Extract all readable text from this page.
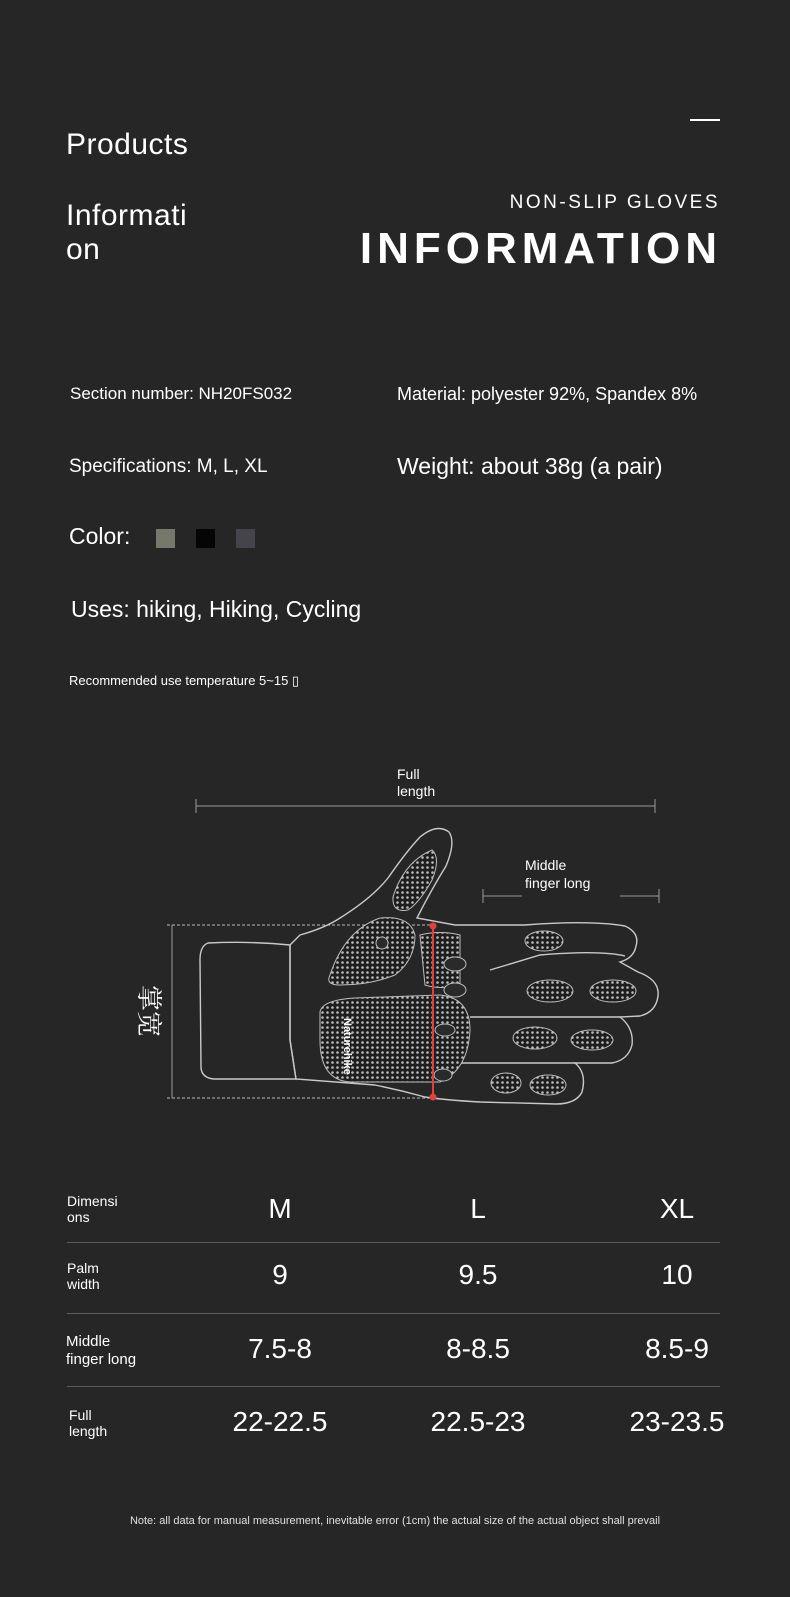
Products
Informati
on
NON-SLIP GLOVES
INFORMATION
Section number: NH20FS032	Material: polyester 92%, Spandex 8%
Specifications: M, L, XL	Weight: about 38g (a pair)
Color:
Uses: hiking, Hiking, Cycling
Recommended use temperature 5~15 ▯
Full
length
Middle
finger long
掌宽
Naturehike
Dimensi
ons	M	L	XL
Palm
width	9	9.5	10
Middle
finger long	7.5-8	8-8.5	8.5-9
Full
length	22-22.5	22.5-23	23-23.5
Note: all data for manual measurement, inevitable error (1cm) the actual size of the actual object shall prevail
